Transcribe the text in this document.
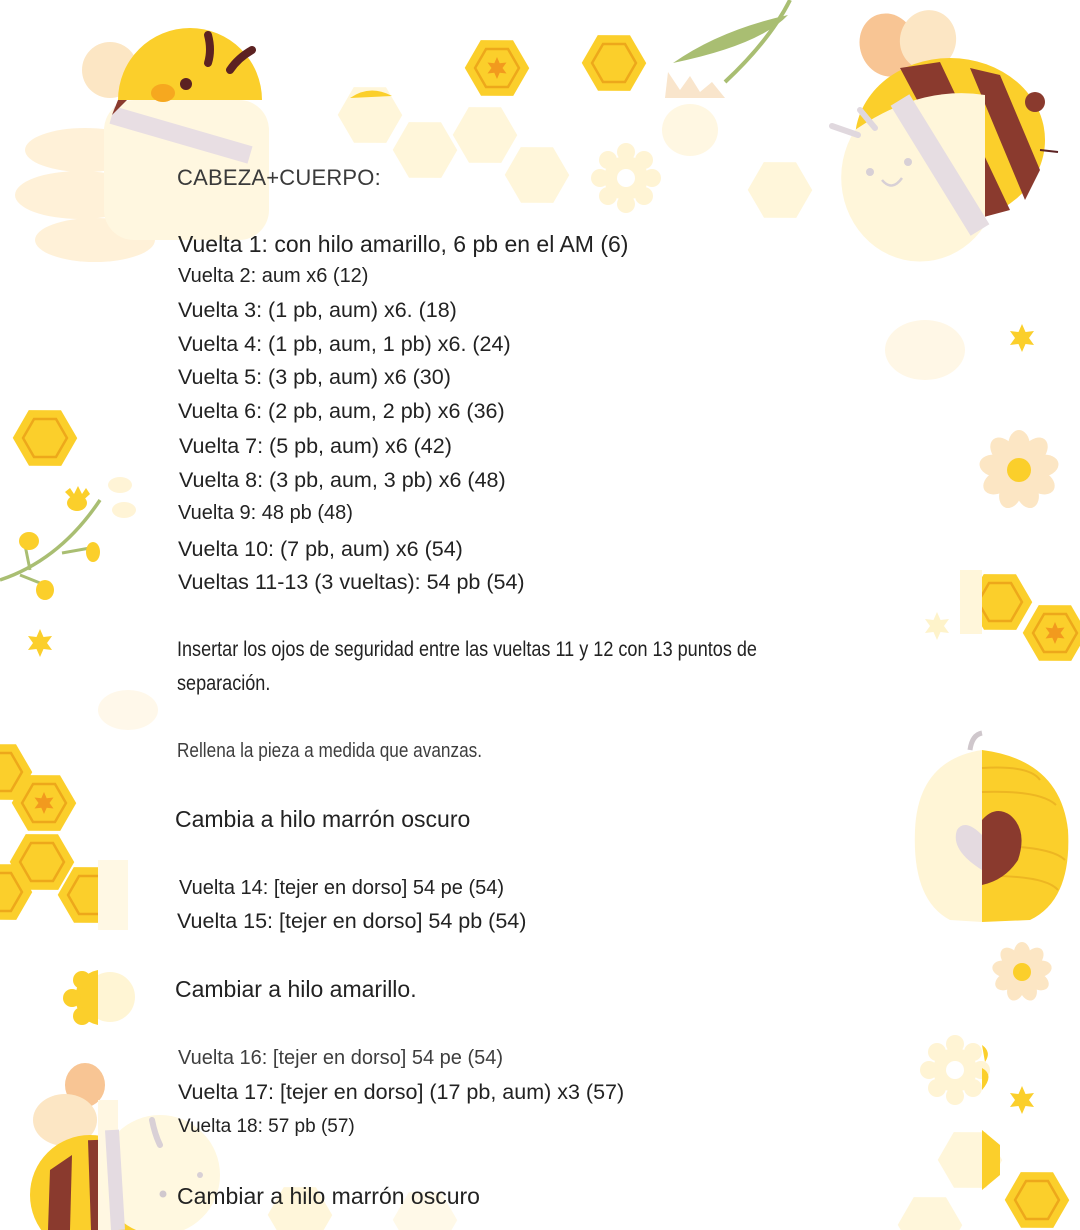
CABEZA+CUERPO:
Vuelta 1: con hilo amarillo, 6 pb en el AM (6)
Vuelta 2: aum x6 (12)
Vuelta 3: (1 pb, aum) x6. (18)
Vuelta 4: (1 pb, aum, 1 pb) x6. (24)
Vuelta 5: (3 pb, aum) x6 (30)
Vuelta 6: (2 pb, aum, 2 pb) x6 (36)
Vuelta 7: (5 pb, aum) x6 (42)
Vuelta 8: (3 pb, aum, 3 pb) x6 (48)
Vuelta 9: 48 pb (48)
Vuelta 10: (7 pb, aum) x6 (54)
Vueltas 11-13 (3 vueltas): 54 pb (54)
Insertar los ojos de seguridad entre las vueltas 11 y 12 con 13 puntos de
separación.
Rellena la pieza a medida que avanzas.
Cambia a hilo marrón oscuro
Vuelta 14: [tejer en dorso] 54 pe (54)
Vuelta 15: [tejer en dorso] 54 pb (54)
Cambiar a hilo amarillo.
Vuelta 16: [tejer en dorso] 54 pe (54)
Vuelta 17: [tejer en dorso] (17 pb, aum) x3 (57)
Vuelta 18: 57 pb (57)
Cambiar a hilo marrón oscuro
